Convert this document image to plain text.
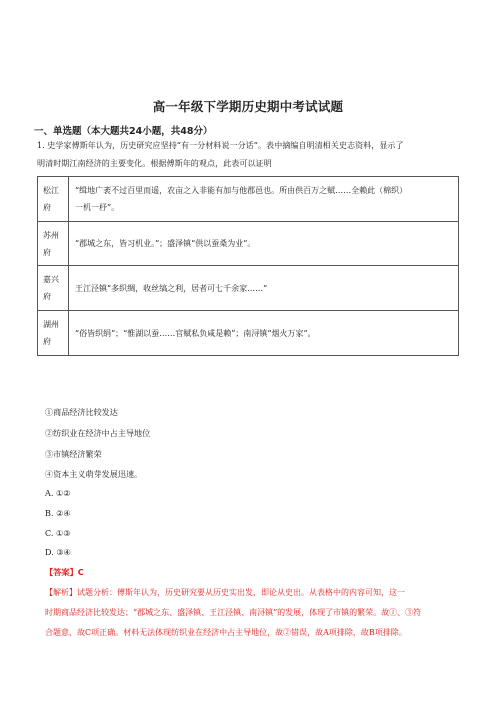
高一年级下学期历史期中考试试题
一、单选题（本大题共24小题，共48分）
1. 史学家傅斯年认为，历史研究应坚持“有一分材料说一分话”。表中摘编自明清相关史志资料，显示了
明清时期江南经济的主要变化。根据傅斯年的观点，此表可以证明
松江府	“缉地广袤不过百里而遥，农亩之入非能有加与他郡邑也。所由供百万之赋……全赖此（棉织）
一机一杼”。

苏州府	“郡城之东，皆习机业。”；盛泽镇“供以蚕桑为业”。
嘉兴府	王江泾镇“多织绸，收丝缟之利，居者可七千余家……”
湖州府	“俗皆织绢”；“惟湖以蚕……官赋私负咸是赖”；南浔镇“烟火万家”。
①商品经济比较发达
②纺织业在经济中占主导地位
③市镇经济繁荣
④资本主义萌芽发展迅速。
A. ①②
B. ②④
C. ①③
D. ③④
【答案】C
【解析】试题分析：傅斯年认为，历史研究要从历史实出发，即论从史出。从表格中的内容可知，这一
时期商品经济比较发达；“郡城之东、盛泽镇、王江泾镇、南浔镇”的发展，体现了市镇的繁荣。故①、③符
合题意，故C项正确。材料无法体现纺织业在经济中占主导地位，故②错误，故A项排除，故B项排除。
